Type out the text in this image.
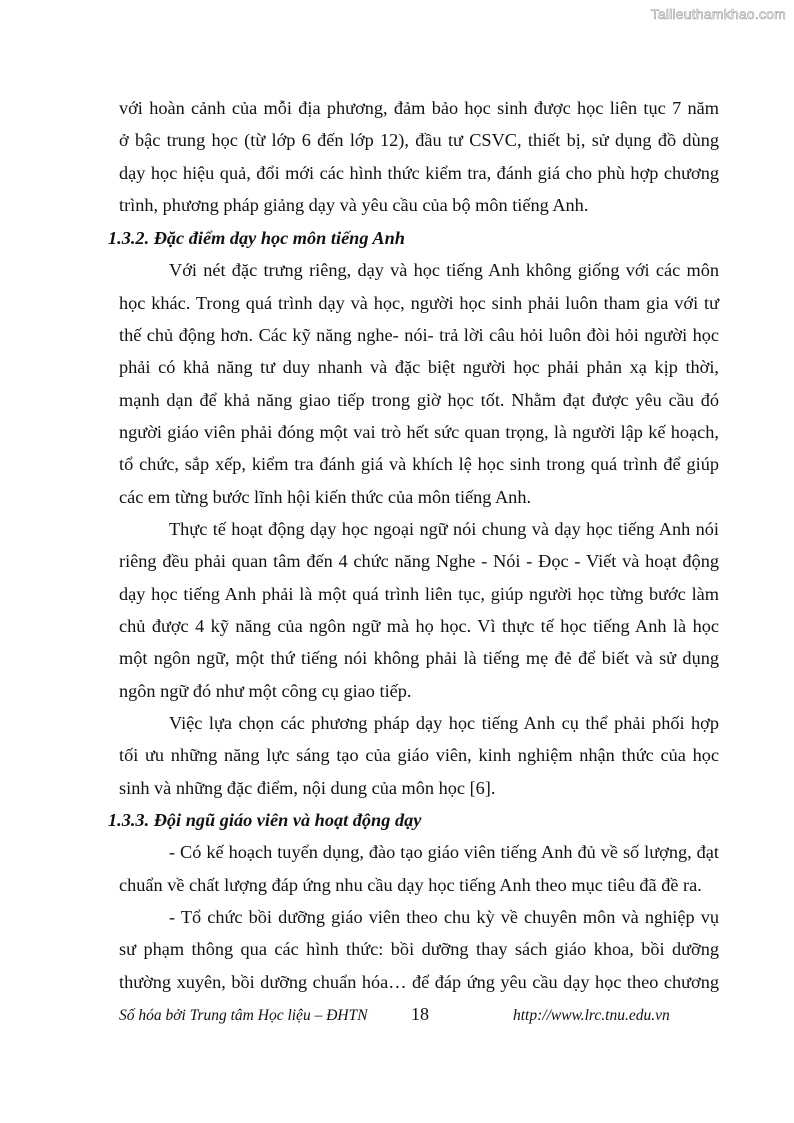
Tailieuthamkhao.com
với hoàn cảnh của mỗi địa phương, đảm bảo học sinh được học liên tục 7 năm
ở bậc trung học (từ lớp 6 đến lớp 12), đầu tư CSVC, thiết bị, sử dụng đồ dùng
dạy học hiệu quả, đổi mới các hình thức kiểm tra, đánh giá cho phù hợp chương
trình, phương pháp giảng dạy và yêu cầu của bộ môn tiếng Anh.
1.3.2. Đặc điểm dạy học môn tiếng Anh
Với nét đặc trưng riêng, dạy và học tiếng Anh không giống với các môn
học khác. Trong quá trình dạy và học, người học sinh phải luôn tham gia với tư
thế chủ động hơn. Các kỹ năng nghe- nói- trả lời câu hỏi luôn đòi hỏi người học
phải có khả năng tư duy nhanh và đặc biệt người học phải phản xạ kịp thời,
mạnh dạn để khả năng giao tiếp trong giờ học tốt. Nhằm đạt được yêu cầu đó
người giáo viên phải đóng một vai trò hết sức quan trọng, là người lập kế hoạch,
tổ chức, sắp xếp, kiểm tra đánh giá và khích lệ học sinh trong quá trình để giúp
các em từng bước lĩnh hội kiến thức của môn tiếng Anh.
Thực tế hoạt động dạy học ngoại ngữ nói chung và dạy học tiếng Anh nói
riêng đều phải quan tâm đến 4 chức năng Nghe - Nói - Đọc - Viết và hoạt động
dạy học tiếng Anh phải là một quá trình liên tục, giúp người học từng bước làm
chủ được 4 kỹ năng của ngôn ngữ mà họ học. Vì thực tế học tiếng Anh là học
một ngôn ngữ, một thứ tiếng nói không phải là tiếng mẹ đẻ để biết và sử dụng
ngôn ngữ đó như một công cụ giao tiếp.
Việc lựa chọn các phương pháp dạy học tiếng Anh cụ thể phải phối hợp
tối ưu những năng lực sáng tạo của giáo viên, kinh nghiệm nhận thức của học
sinh và những đặc điểm, nội dung của môn học [6].
1.3.3. Đội ngũ giáo viên và hoạt động dạy
- Có kế hoạch tuyển dụng, đào tạo giáo viên tiếng Anh đủ về số lượng, đạt
chuẩn về chất lượng đáp ứng nhu cầu dạy học tiếng Anh theo mục tiêu đã đề ra.
- Tổ chức bồi dưỡng giáo viên theo chu kỳ về chuyên môn và nghiệp vụ
sư phạm thông qua các hình thức: bồi dưỡng thay sách giáo khoa, bồi dưỡng
thường xuyên, bồi dưỡng chuẩn hóa… để đáp ứng yêu cầu dạy học theo chương
Số hóa bởi Trung tâm Học liệu – ĐHTN 18	http://www.lrc.tnu.edu.vn
